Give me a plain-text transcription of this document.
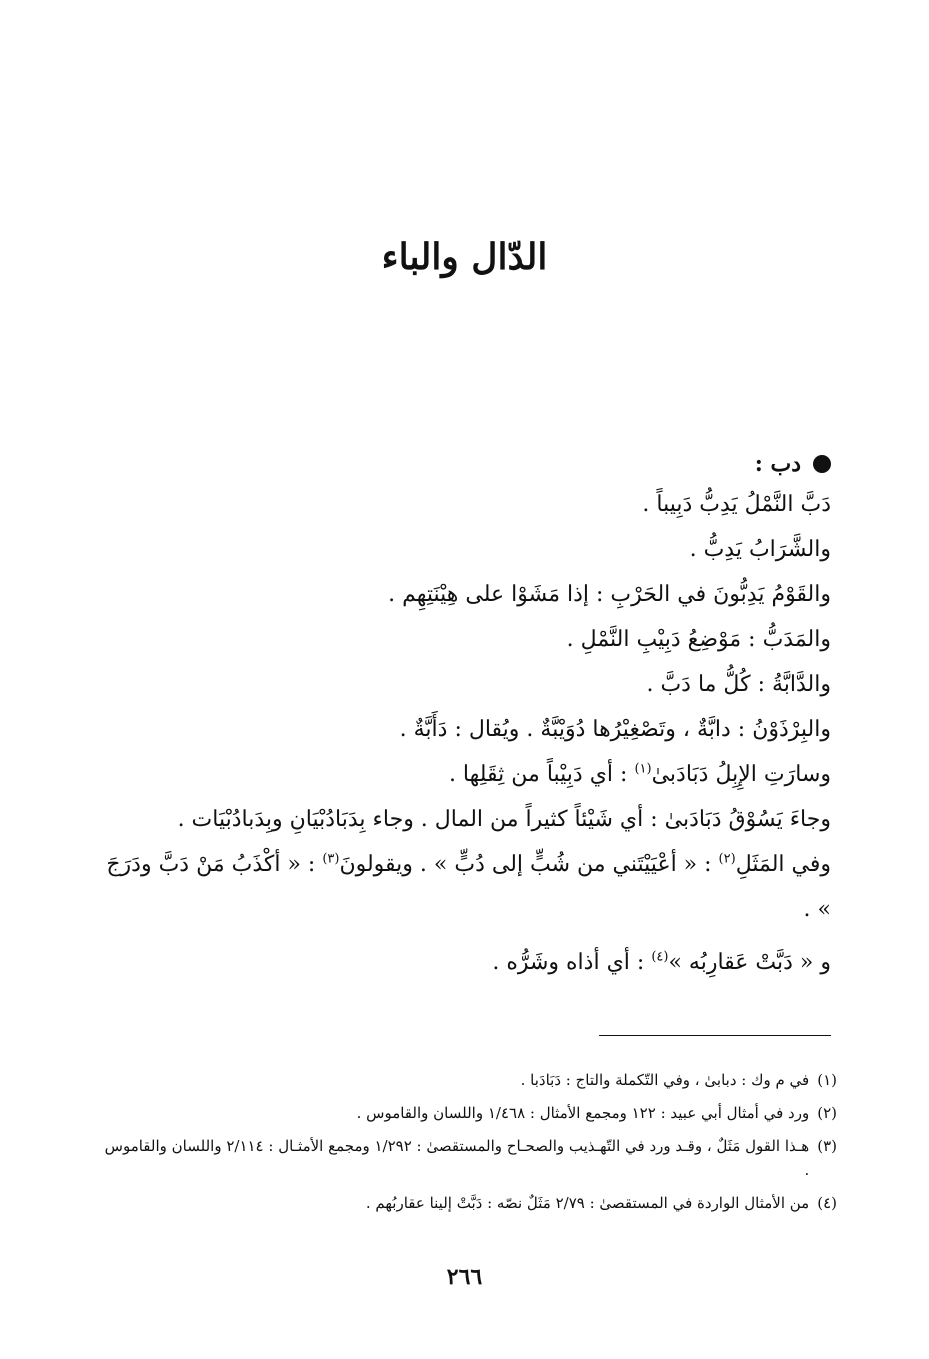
الدّال والباء
دب :
دَبَّ النَّمْلُ يَدِبُّ دَبِيباً .
والشَّرَابُ يَدِبُّ .
والقَوْمُ يَدِبُّونَ في الحَرْبِ : إذا مَشَوْا على هِيْنَتِهِم .
والمَدَبُّ : مَوْضِعُ دَبِيْبِ النَّمْلِ .
والدَّابَّةُ : كُلُّ ما دَبَّ .
والبِرْذَوْنُ : دابَّةٌ ، وتَصْغِيْرُها دُوَيْبَّةٌ . ويُقال : دَأَبَّةٌ .
وسارَتِ الإِبِلُ دَبَادَبىٰ$^{(١)}$ : أي دَبِيْباً من ثِقَلِها .
وجاءَ يَسُوْقُ دَبَادَبىٰ : أي شَيْئاً كثيراً من المال . وجاء بِدَبَادُبْيَانِ وبِدَبادُبْيَات .
وفي المَثَلِ$^{(٢)}$ : « أعْيَيْتَني من شُبٍّ إلى دُبٍّ » . ويقولونَ$^{(٣)}$ : « أكْذَبُ مَنْ دَبَّ ودَرَجَ » .
و « دَبَّتْ عَقارِبُه »$^{(٤)}$ : أي أذاه وشَرُّه .
(١)
في م وك : دبابىٰ ، وفي التّكملة والتاج : دَبَادَبا .
(٢)
ورد في أمثال أبي عبيد : ١٢٢ ومجمع الأمثال : ١/٤٦٨ واللسان والقاموس .
(٣)
هـذا القول مَثَلٌ ، وقـد ورد في التّهـذيب والصحـاح والمستقصىٰ : ١/٢٩٢ ومجمع الأمثـال : ٢/١١٤ واللسان والقاموس .
(٤)
من الأمثال الواردة في المستقصىٰ : ٢/٧٩ مَثَلٌ نصّه : دَبَّتْ إلينا عقاربُهم .
٢٦٦
